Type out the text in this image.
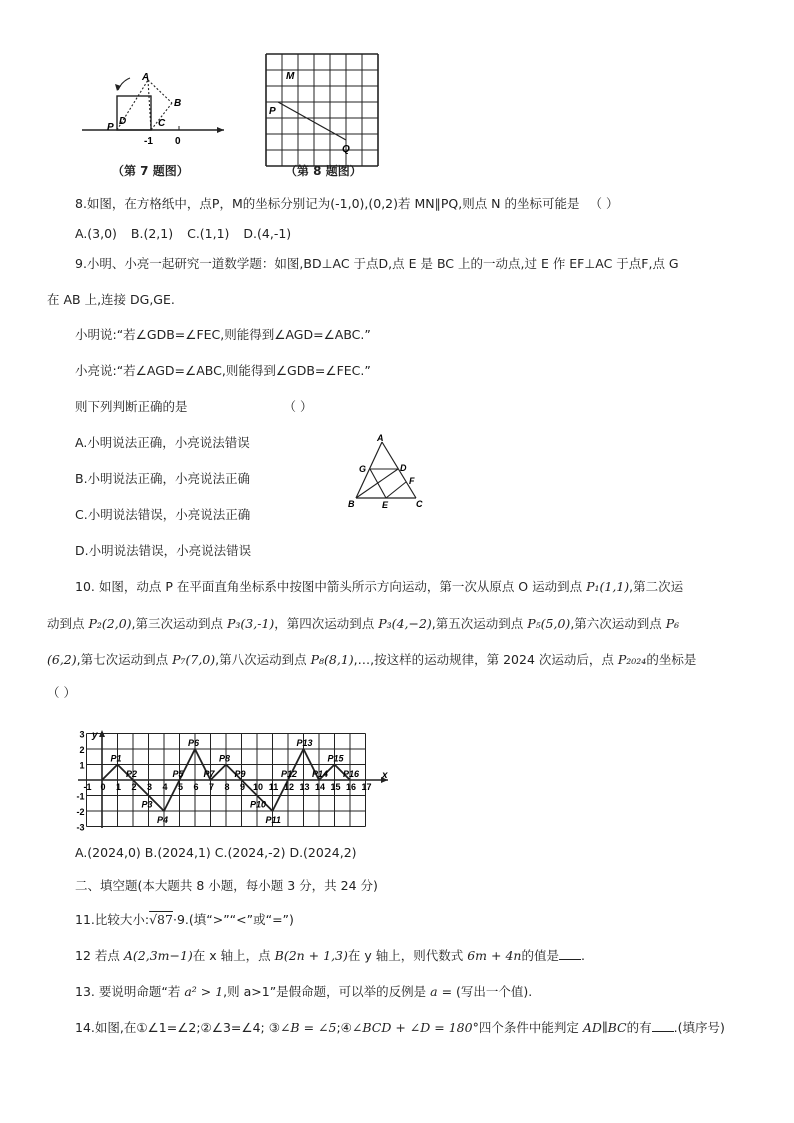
A
B
C
D
P
-1 0
（第 7 题图）
M
P
Q
（第 8 题图）
8.如图，在方格纸中，点P，M的坐标分别记为(-1,0),(0,2)若 MN∥PQ,则点 N 的坐标可能是 （ ）
A.(3,0) B.(2,1) C.(1,1) D.(4,-1)
9.小明、小亮一起研究一道数学题：如图,BD⊥AC 于点D,点 E 是 BC 上的一动点,过 E 作 EF⊥AC 于点F,点 G
在 AB 上,连接 DG,GE.
小明说:“若∠GDB=∠FEC,则能得到∠AGD=∠ABC.”
小亮说:“若∠AGD=∠ABC,则能得到∠GDB=∠FEC.”
则下列判断正确的是	（ ）
A.小明说法正确，小亮说法错误
B.小明说法正确，小亮说法正确
C.小明说法错误，小亮说法正确
D.小明说法错误，小亮说法错误
A
B	C
D
E
F
G
10. 如图，动点 P 在平面直角坐标系中按图中箭头所示方向运动，第一次从原点 O 运动到点 P₁(1,1),第二次运
动到点 P₂(2,0),第三次运动到点 P₃(3,-1)，第四次运动到点 P₃(4,−2),第五次运动到点 P₅(5,0),第六次运动到点 P₆
(6,2),第七次运动到点 P₇(7,0),第八次运动到点 P₈(8,1),…,按这样的运动规律，第 2024 次运动后，点 P₂₀₂₄的坐标是
（ ）
3
2
1
-1
-2
-3
-1 0 1 2 3 4 5 6 7 8 9 10 11 12 13 14 15 16 17
P1
P2
P3
P4
P5
P6
P7
P8
P9
P10
P11
P12
P13
P14
P15
P16
y
x
A.(2024,0) B.(2024,1) C.(2024,-2) D.(2024,2)
二、填空题(本大题共 8 小题，每小题 3 分，共 24 分)
11.比较大小:√87·9.(填“>”“<”或“=”)
12 若点 A(2,3m−1)在 x 轴上，点 B(2n + 1,3)在 y 轴上，则代数式 6m + 4n的值是 .
13. 要说明命题“若 a² > 1,则 a>1”是假命题，可以举的反例是 a = (写出一个值).
14.如图,在①∠1=∠2;②∠3=∠4; ③∠B = ∠5;④∠BCD + ∠D = 180°四个条件中能判定 AD∥BC的有 .(填序号)
